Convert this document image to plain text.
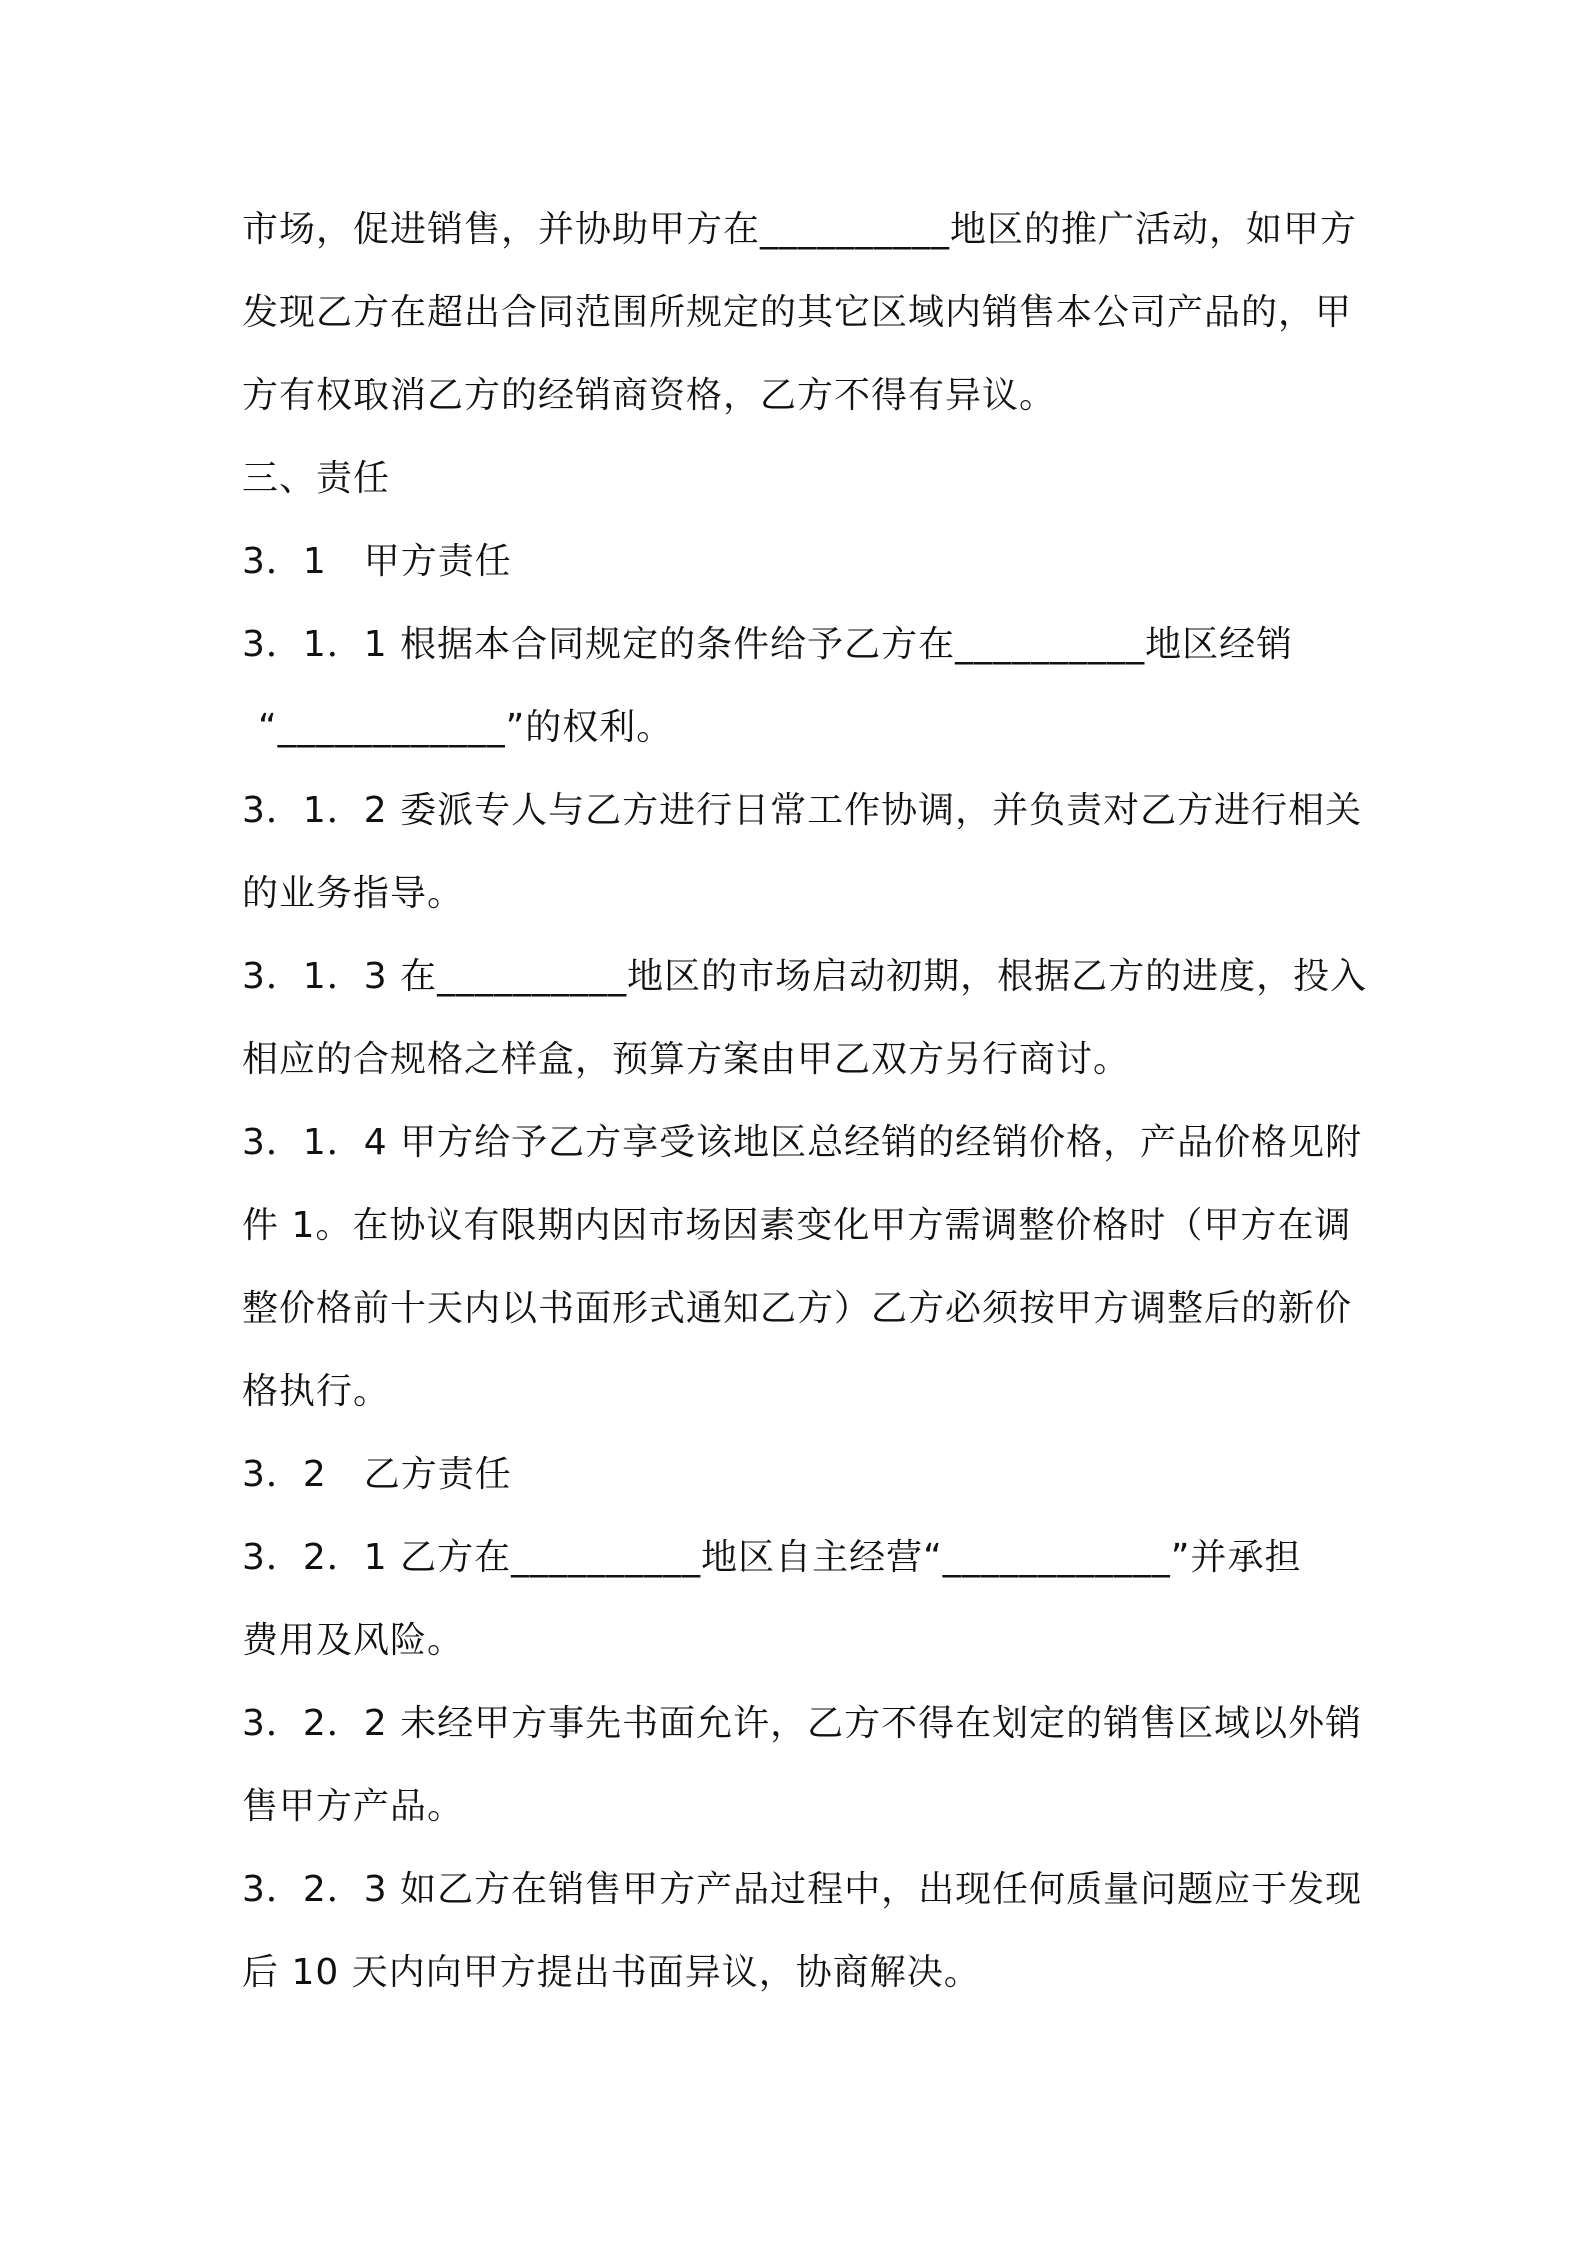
市场，促进销售，并协助甲方在__________地区的推广活动，如甲方
发现乙方在超出合同范围所规定的其它区域内销售本公司产品的，甲
方有权取消乙方的经销商资格，乙方不得有异议。
三、责任
3．1　甲方责任
3．1．1 根据本合同规定的条件给予乙方在__________地区经销
“____________”的权利。
3．1．2 委派专人与乙方进行日常工作协调，并负责对乙方进行相关
的业务指导。
3．1．3 在__________地区的市场启动初期，根据乙方的进度，投入
相应的合规格之样盒，预算方案由甲乙双方另行商讨。
3．1．4 甲方给予乙方享受该地区总经销的经销价格，产品价格见附
件 1。在协议有限期内因市场因素变化甲方需调整价格时（甲方在调
整价格前十天内以书面形式通知乙方）乙方必须按甲方调整后的新价
格执行。
3．2　乙方责任
3．2．1 乙方在__________地区自主经营“____________”并承担
费用及风险。
3．2．2 未经甲方事先书面允许，乙方不得在划定的销售区域以外销
售甲方产品。
3．2．3 如乙方在销售甲方产品过程中，出现任何质量问题应于发现
后 10 天内向甲方提出书面异议，协商解决。
